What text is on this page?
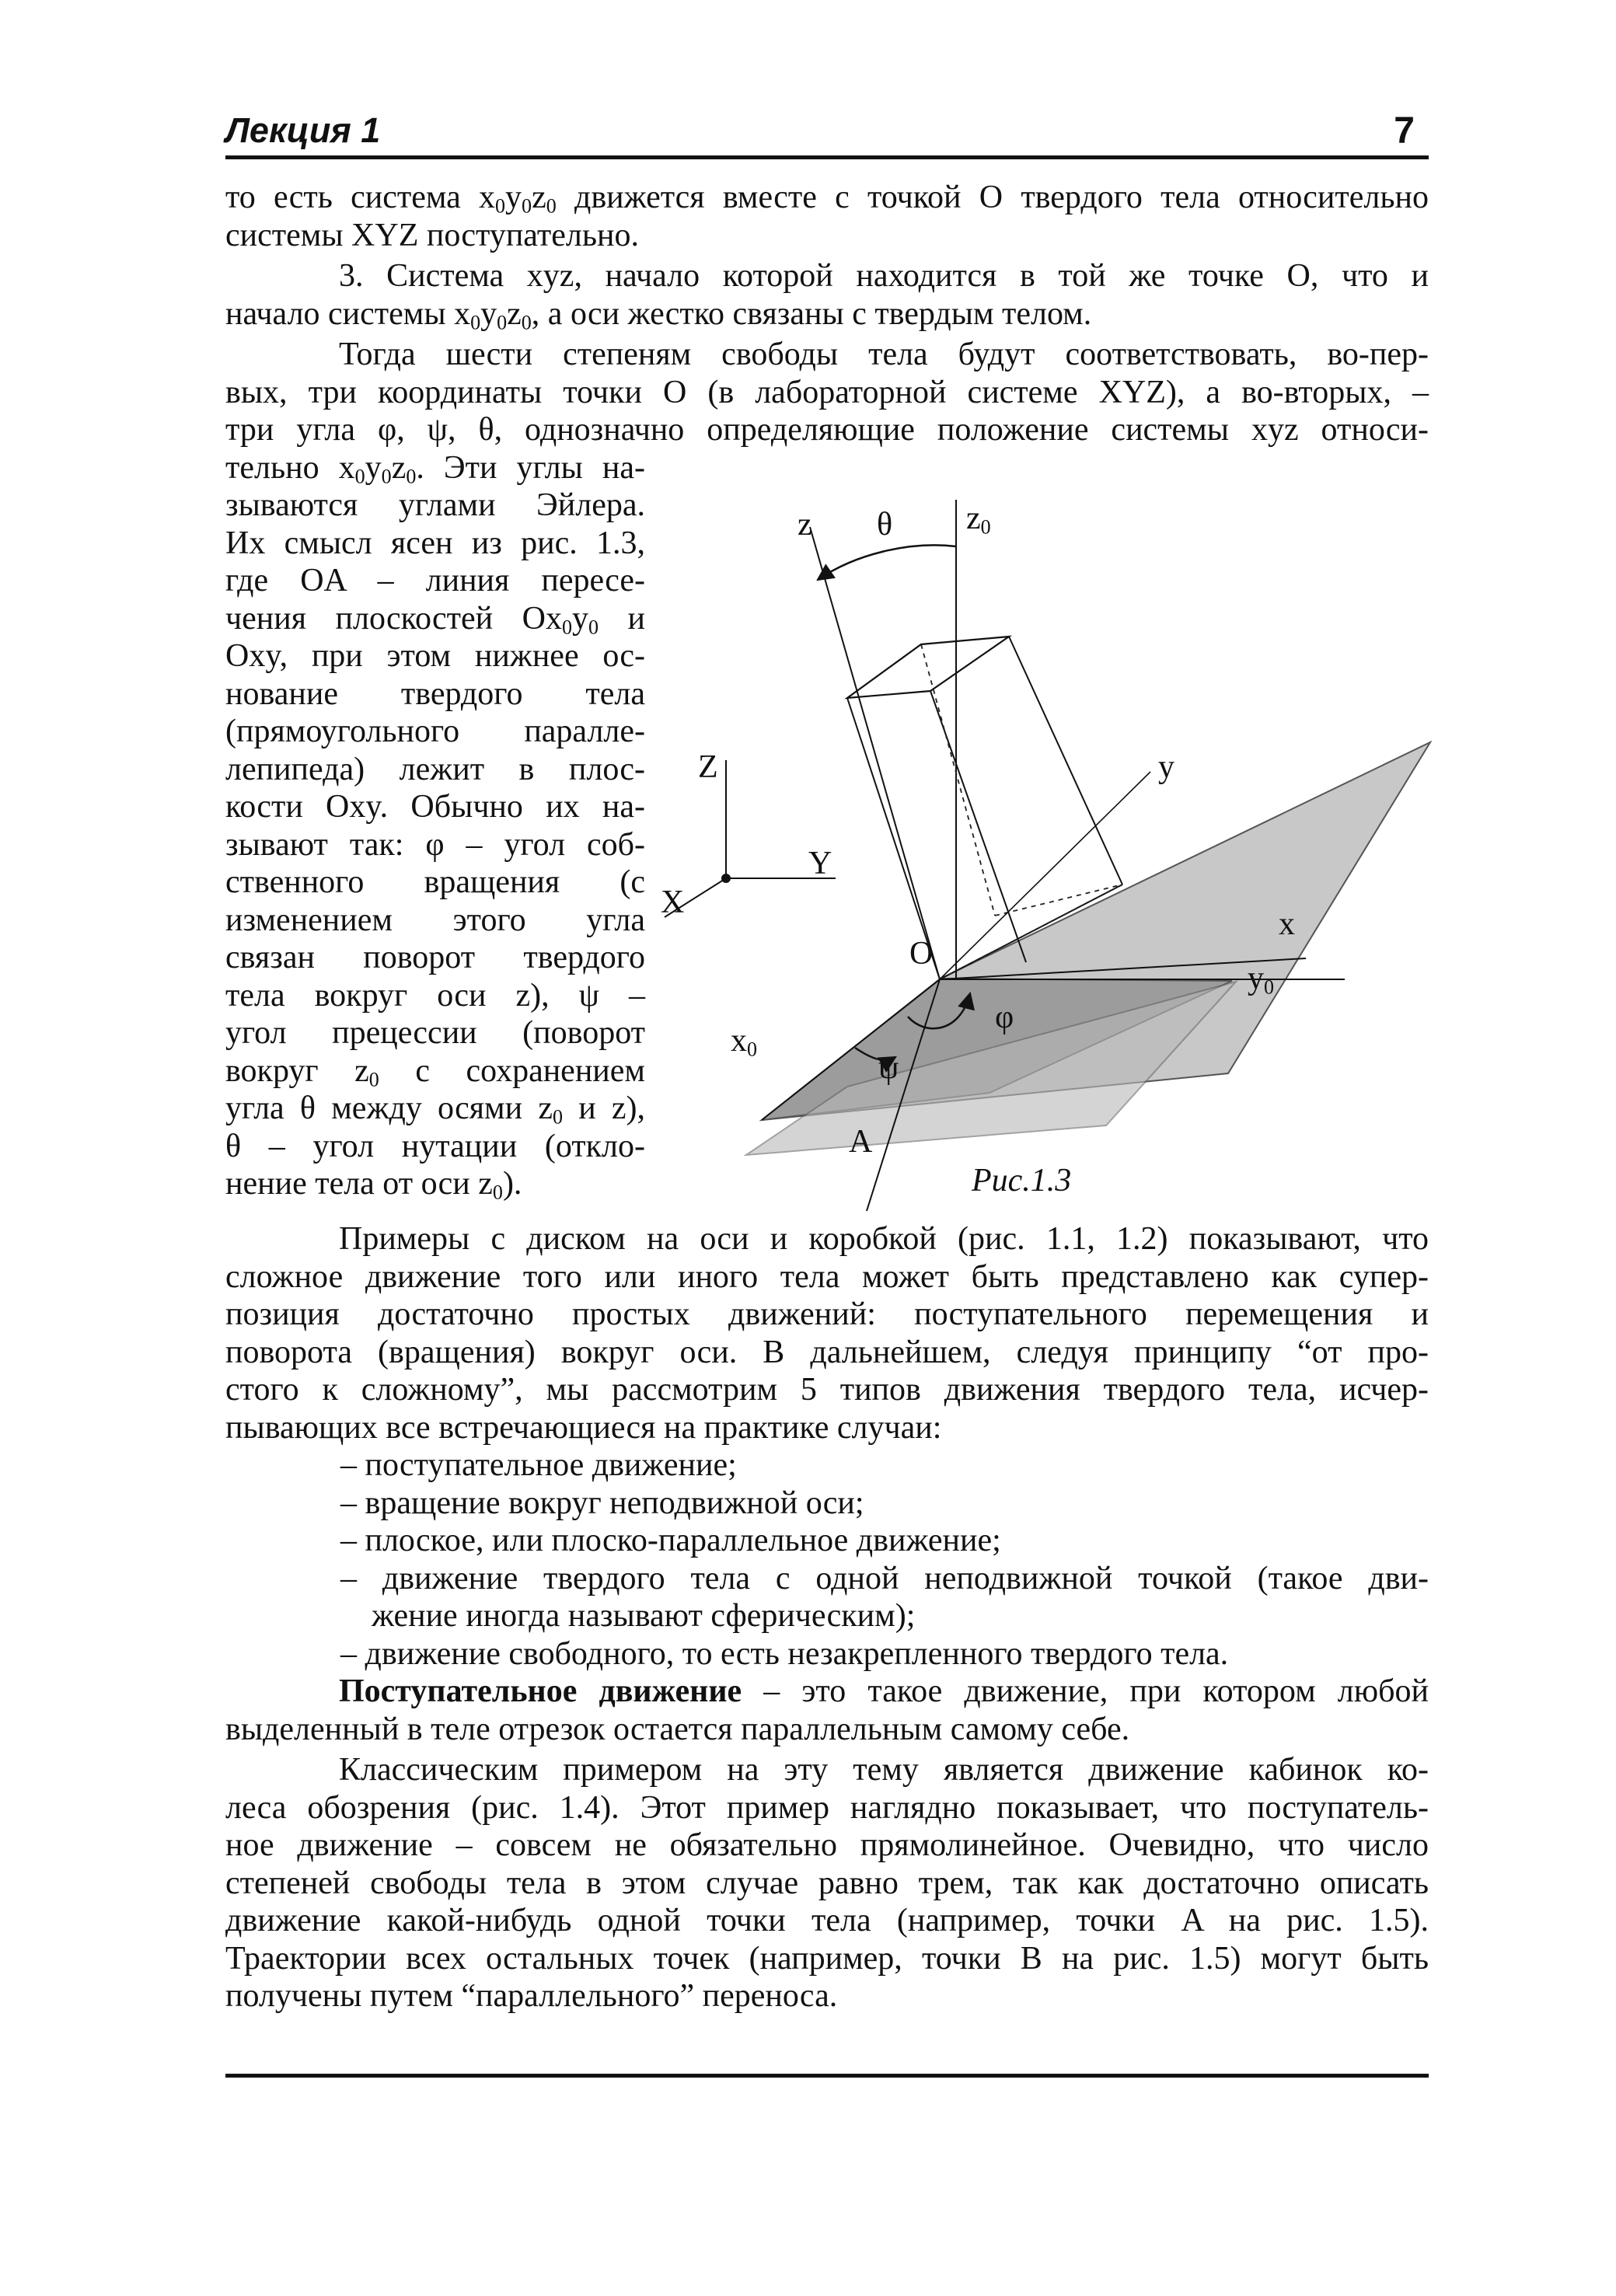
Лекция 1	7

то есть система $x_0y_0z_0$ движется вместе с точкой O твердого тела относительно

системы XYZ поступательно.

3. Система xyz, начало которой находится в той же точке O, что и

начало системы $x_0y_0z_0$, а оси жестко связаны с твердым телом.

Тогда шести степеням свободы тела будут соответствовать, во-пер-

вых, три координаты точки O (в лабораторной системе XYZ), а во-вторых, –

три угла φ, ψ, θ, однозначно определяющие положение системы xyz относи-

тельно $x_0y_0z_0$. Эти углы на-

зываются углами Эйлера.

Их смысл ясен из рис. 1.3,

где OA – линия пересе-

чения плоскостей $Ox_0y_0$ и

Oxy, при этом нижнее ос-

нование твердого тела

(прямоугольного паралле-

лепипеда) лежит в плос-

кости Oxy. Обычно их на-

зывают так: φ – угол соб-

ственного вращения (с

изменением этого угла

связан поворот твердого

тела вокруг оси z), ψ –

угол прецессии (поворот

вокруг $z_0$ с сохранением

угла θ между осями $z_0$ и z),

θ – угол нутации (откло-

нение тела от оси $z_0$).

z θ $z_0$
Z
Y
X
y
x
O
$y_0$
$x_0$
φ
ψ
A
Рис.1.3

Примеры с диском на оси и коробкой (рис. 1.1, 1.2) показывают, что

сложное движение того или иного тела может быть представлено как супер-

позиция достаточно простых движений: поступательного перемещения и

поворота (вращения) вокруг оси. В дальнейшем, следуя принципу “от про-

стого к сложному”, мы рассмотрим 5 типов движения твердого тела, исчер-

пывающих все встречающиеся на практике случаи:

– поступательное движение;

– вращение вокруг неподвижной оси;

– плоское, или плоско-параллельное движение;

– движение твердого тела с одной неподвижной точкой (такое дви-

жение иногда называют сферическим);

– движение свободного, то есть незакрепленного твердого тела.

Поступательное движение – это такое движение, при котором любой

выделенный в теле отрезок остается параллельным самому себе.

Классическим примером на эту тему является движение кабинок ко-

леса обозрения (рис. 1.4). Этот пример наглядно показывает, что поступатель-

ное движение – совсем не обязательно прямолинейное. Очевидно, что число

степеней свободы тела в этом случае равно трем, так как достаточно описать

движение какой-нибудь одной точки тела (например, точки A на рис. 1.5).

Траектории всех остальных точек (например, точки B на рис. 1.5) могут быть

получены путем “параллельного” переноса.
